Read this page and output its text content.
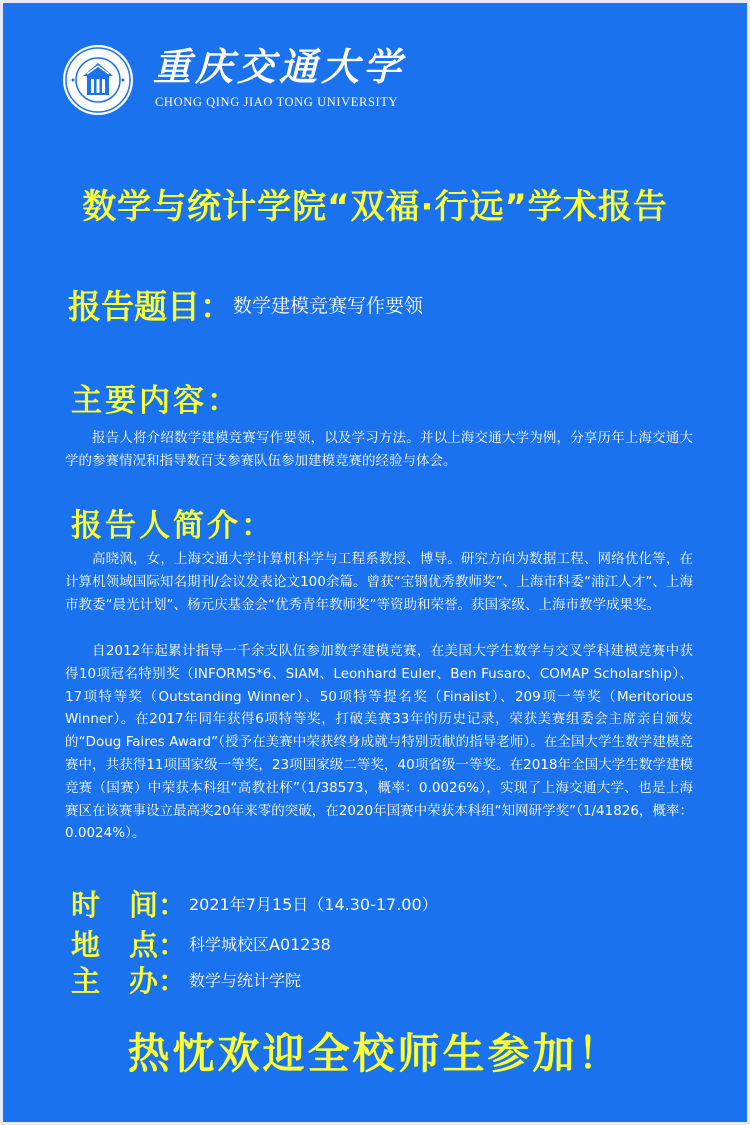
重庆交通大学
CHONG QING JIAO TONG UNIVERSITY
数学与统计学院“双福·行远”学术报告
报告题目：数学建模竞赛写作要领
主要内容：

报告人将介绍数学建模竞赛写作要领，以及学习方法。并以上海交通大学为例，分享历年上海交通大学的参赛情况和指导数百支参赛队伍参加建模竞赛的经验与体会。

报告人简介：

高晓沨，女，上海交通大学计算机科学与工程系教授、博导。研究方向为数据工程、网络优化等，在计算机领域国际知名期刊/会议发表论文100余篇。曾获“宝钢优秀教师奖”、上海市科委“浦江人才”、上海市教委“晨光计划”、杨元庆基金会“优秀青年教师奖”等资助和荣誉。获国家级、上海市教学成果奖。

自2012年起累计指导一千余支队伍参加数学建模竞赛，在美国大学生数学与交叉学科建模竞赛中获得10项冠名特别奖（INFORMS*6、SIAM、Leonhard Euler、Ben Fusaro、COMAP Scholarship）、17项特等奖（Outstanding Winner）、50项特等提名奖（Finalist）、209项一等奖（Meritorious Winner）。在2017年同年获得6项特等奖，打破美赛33年的历史记录，荣获美赛组委会主席亲自颁发的“Doug Faires Award”（授予在美赛中荣获终身成就与特别贡献的指导老师）。在全国大学生数学建模竞赛中，共获得11项国家级一等奖，23项国家级二等奖，40项省级一等奖。在2018年全国大学生数学建模竞赛（国赛）中荣获本科组“高教社杯”（1/38573，概率：0.0026%），实现了上海交通大学、也是上海赛区在该赛事设立最高奖20年来零的突破，在2020年国赛中荣获本科组“知网研学奖”（1/41826，概率：0.0024%）。

时　间： 2021年7月15日（14.30-17.00）
地　点： 科学城校区A01238
主　办： 数学与统计学院
热忱欢迎全校师生参加！
